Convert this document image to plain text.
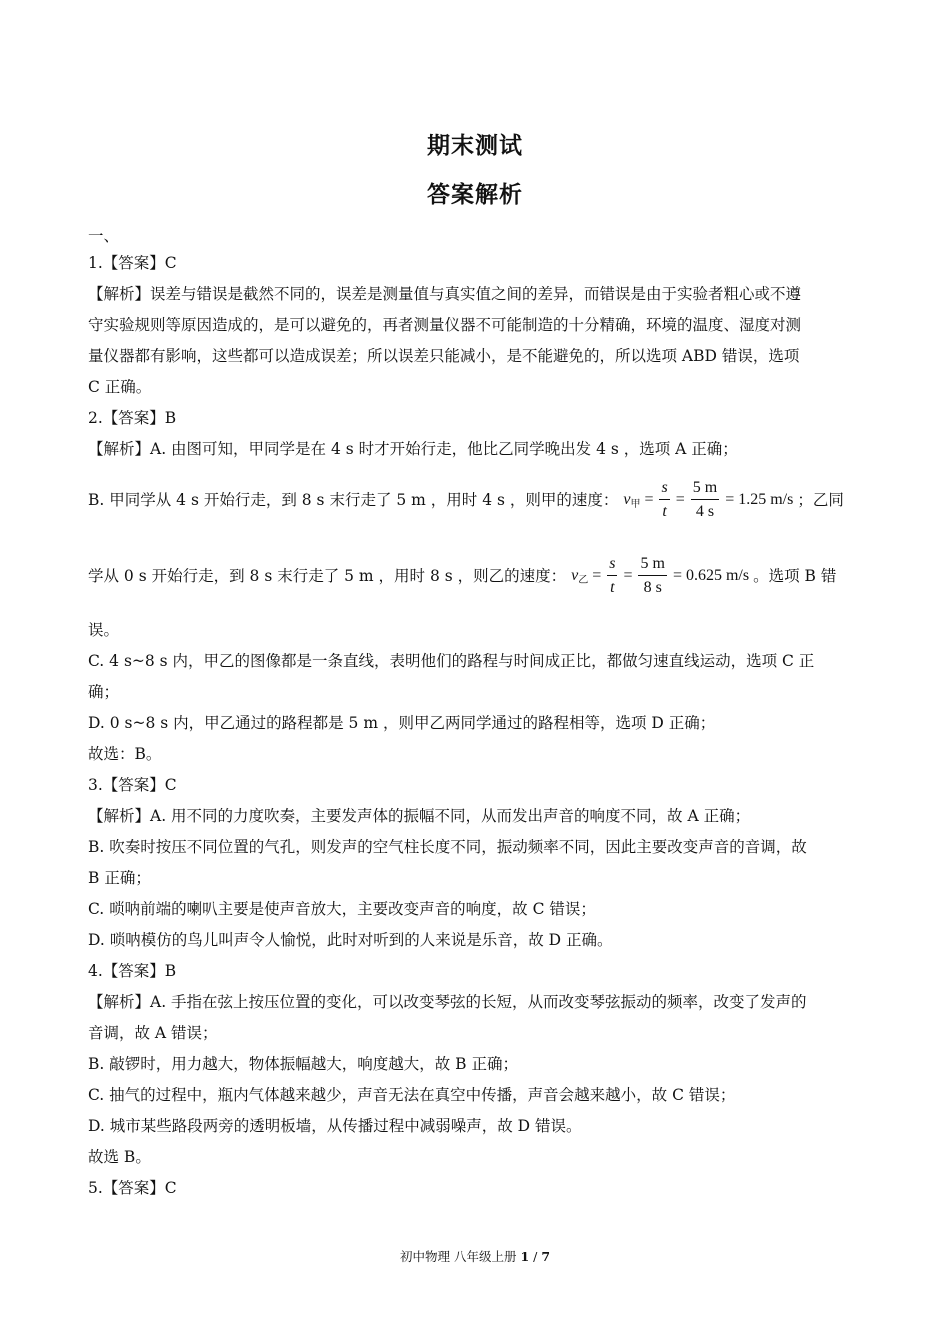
期末测试
答案解析
一、
1.【答案】C
【解析】误差与错误是截然不同的，误差是测量值与真实值之间的差异，而错误是由于实验者粗心或不遵
守实验规则等原因造成的，是可以避免的，再者测量仪器不可能制造的十分精确，环境的温度、湿度对测
量仪器都有影响，这些都可以造成误差；所以误差只能减小，是不能避免的，所以选项 ABD 错误，选项
C 正确。
2.【答案】B
【解析】A. 由图可知，甲同学是在 4 s 时才开始行走，他比乙同学晚出发 4 s ，选项 A 正确；
B. 甲同学从 4 s 开始行走，到 8 s 末行走了 5 m ，用时 4 s ，则甲的速度： $v_甲 = \frac{s}{t} = \frac{5 m}{4 s} = 1.25$ m/s ；乙同
学从 0 s 开始行走，到 8 s 末行走了 5 m ，用时 8 s ，则乙的速度： $v_乙 = \frac{s}{t} = \frac{5 m}{8 s} = 0.625$ m/s 。选项 B 错
误。
C. 4 s~8 s 内，甲乙的图像都是一条直线，表明他们的路程与时间成正比，都做匀速直线运动，选项 C 正
确；
D. 0 s~8 s 内，甲乙通过的路程都是 5 m ，则甲乙两同学通过的路程相等，选项 D 正确；
故选：B。
3.【答案】C
【解析】A. 用不同的力度吹奏，主要发声体的振幅不同，从而发出声音的响度不同，故 A 正确；
B. 吹奏时按压不同位置的气孔，则发声的空气柱长度不同，振动频率不同，因此主要改变声音的音调，故
B 正确；
C. 唢呐前端的喇叭主要是使声音放大，主要改变声音的响度，故 C 错误；
D. 唢呐模仿的鸟儿叫声令人愉悦，此时对听到的人来说是乐音，故 D 正确。
4.【答案】B
【解析】A. 手指在弦上按压位置的变化，可以改变琴弦的长短，从而改变琴弦振动的频率，改变了发声的
音调，故 A 错误；
B. 敲锣时，用力越大，物体振幅越大，响度越大，故 B 正确；
C. 抽气的过程中，瓶内气体越来越少，声音无法在真空中传播，声音会越来越小，故 C 错误；
D. 城市某些路段两旁的透明板墙，从传播过程中减弱噪声，故 D 错误。
故选 B。
5.【答案】C
初中物理 八年级上册 1 / 7
